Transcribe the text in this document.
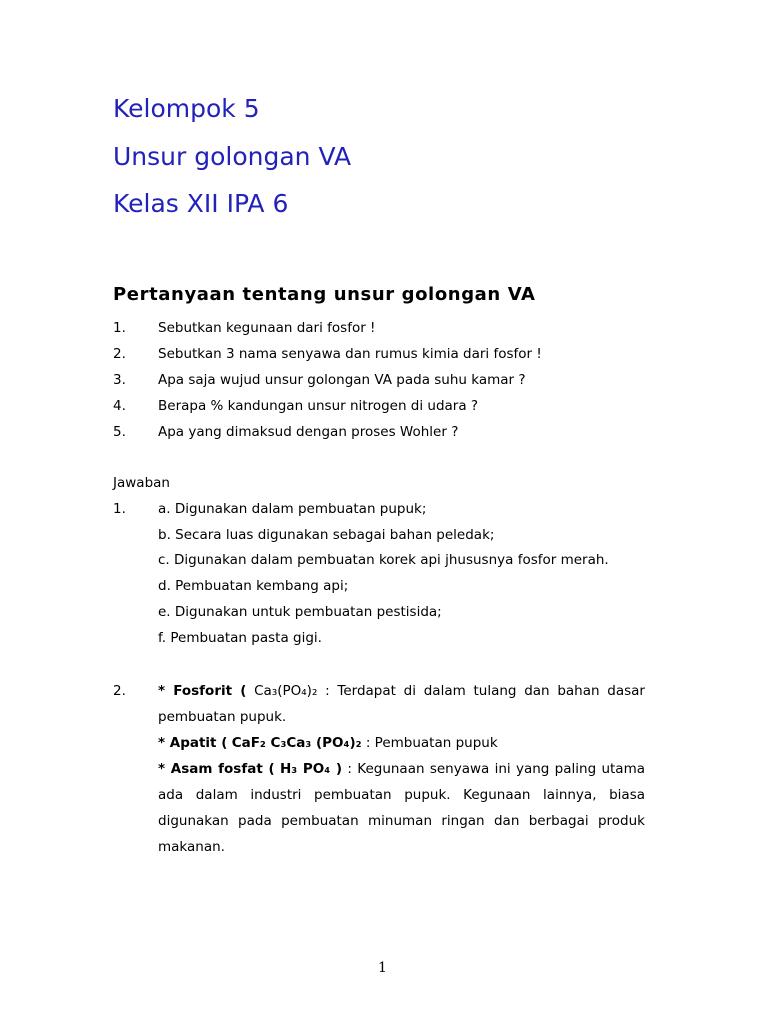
Kelompok 5
Unsur golongan VA
Kelas XII IPA 6
Pertanyaan tentang unsur golongan VA
1. Sebutkan kegunaan dari fosfor !
2. Sebutkan 3 nama senyawa dan rumus kimia dari fosfor !
3. Apa saja wujud unsur golongan VA pada suhu kamar ?
4. Berapa % kandungan unsur nitrogen di udara ?
5. Apa yang dimaksud dengan proses Wohler ?
Jawaban
1. a. Digunakan dalam pembuatan pupuk;
b. Secara luas digunakan sebagai bahan peledak;
c. Digunakan dalam pembuatan korek api jhususnya fosfor merah.
d. Pembuatan kembang api;
e. Digunakan untuk pembuatan pestisida;
f. Pembuatan pasta gigi.
2. * Fosforit ( Ca₃(PO₄)₂ : Terdapat di dalam tulang dan bahan dasar pembuatan pupuk.
* Apatit ( CaF₂ C₃Ca₃ (PO₄)₂ : Pembuatan pupuk
* Asam fosfat ( H₃ PO₄ ) : Kegunaan senyawa ini yang paling utama ada dalam industri pembuatan pupuk. Kegunaan lainnya, biasa digunakan pada pembuatan minuman ringan dan berbagai produk makanan.
1
